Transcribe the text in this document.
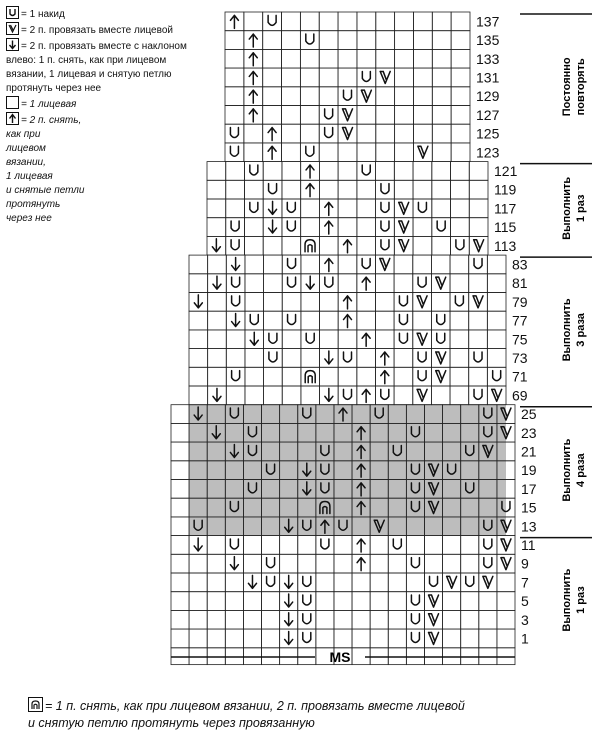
137
135
133
131
129
127
125
123
121
119
117
115
113
83
81
79
77
75
73
71
69
25
23
21
19
17
15
13
11
9
7
5
3
1
MS
Постоянно повторять
Выполнить 1 раз
Выполнить 3 раза
Выполнить 4 раза
Выполнить 1 раз
= 1 накид
= 2 п. провязать вместе лицевой
= 2 п. провязать вместе с наклоном
влево: 1 п. снять, как при лицевом
вязании, 1 лицевая и снятую петлю
протянуть через нее
= 1 лицевая
= 2 п. снять,
как при
лицевом
вязании,
1 лицевая
и снятые петли
протянуть
через нее
= 1 п. снять, как при лицевом вязании, 2 п. провязать вместе лицевой
и снятую петлю протянуть через провязанную
